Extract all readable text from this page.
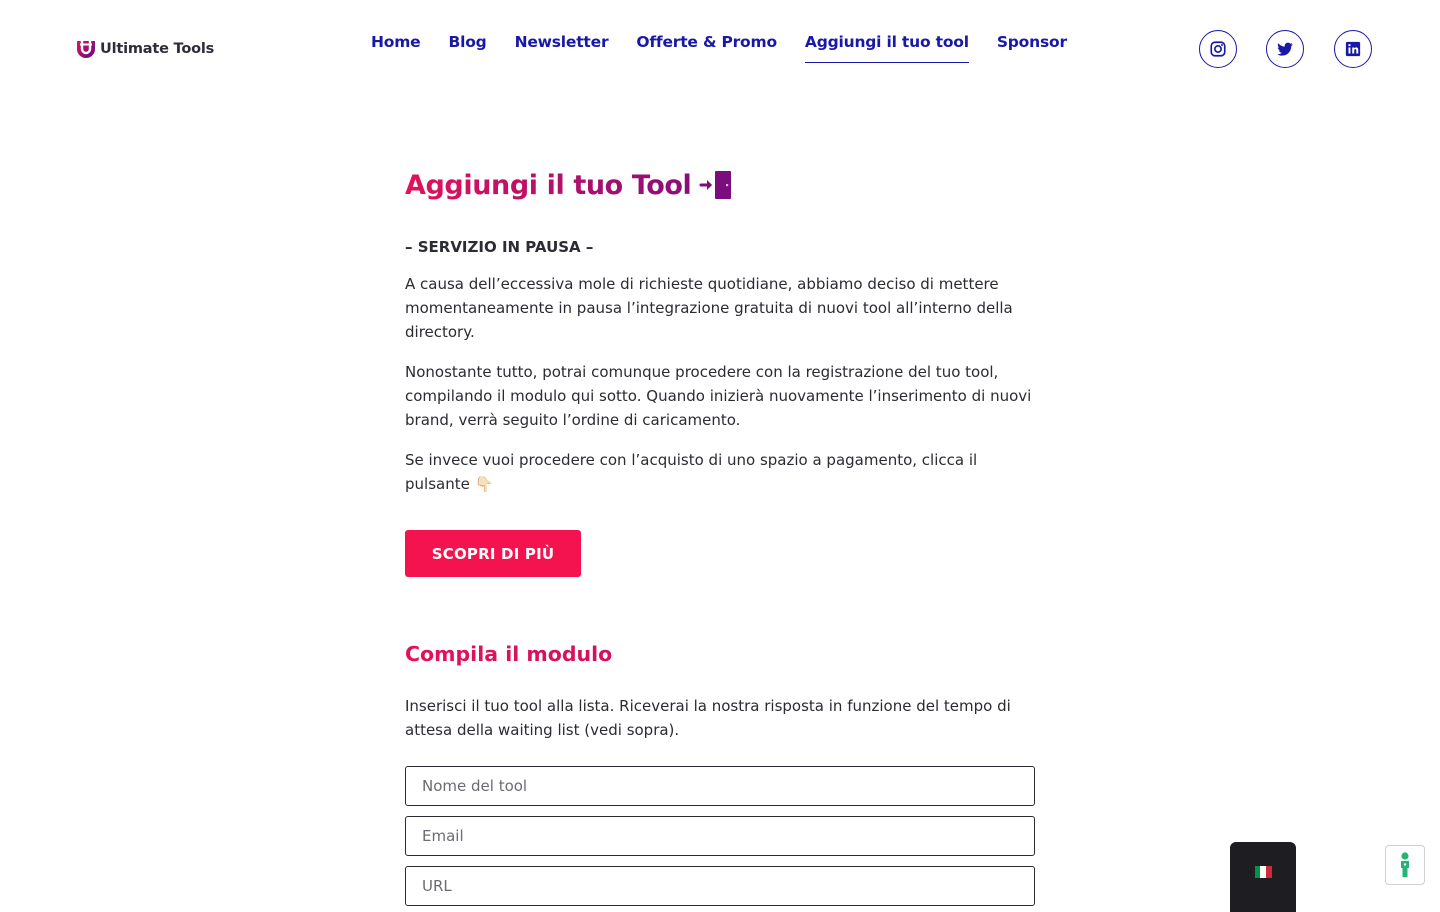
Ultimate Tools	Home Blog Newsletter Offerte & Promo Aggiungi il tuo tool Sponsor
Aggiungi il tuo Tool
– SERVIZIO IN PAUSA –

A causa dell’eccessiva mole di richieste quotidiane, abbiamo deciso di mettere momentaneamente in pausa l’integrazione gratuita di nuovi tool all’interno della directory.

Nonostante tutto, potrai comunque procedere con la registrazione del tuo tool, compilando il modulo qui sotto. Quando inizierà nuovamente l’inserimento di nuovi brand, verrà seguito l’ordine di caricamento.

Se invece vuoi procedere con l’acquisto di uno spazio a pagamento, clicca il pulsante 👇🏻

SCOPRI DI PIÙ
Compila il modulo

Inserisci il tuo tool alla lista. Riceverai la nostra risposta in funzione del tempo di attesa della waiting list (vedi sopra).

Nome del tool
Email
URL
